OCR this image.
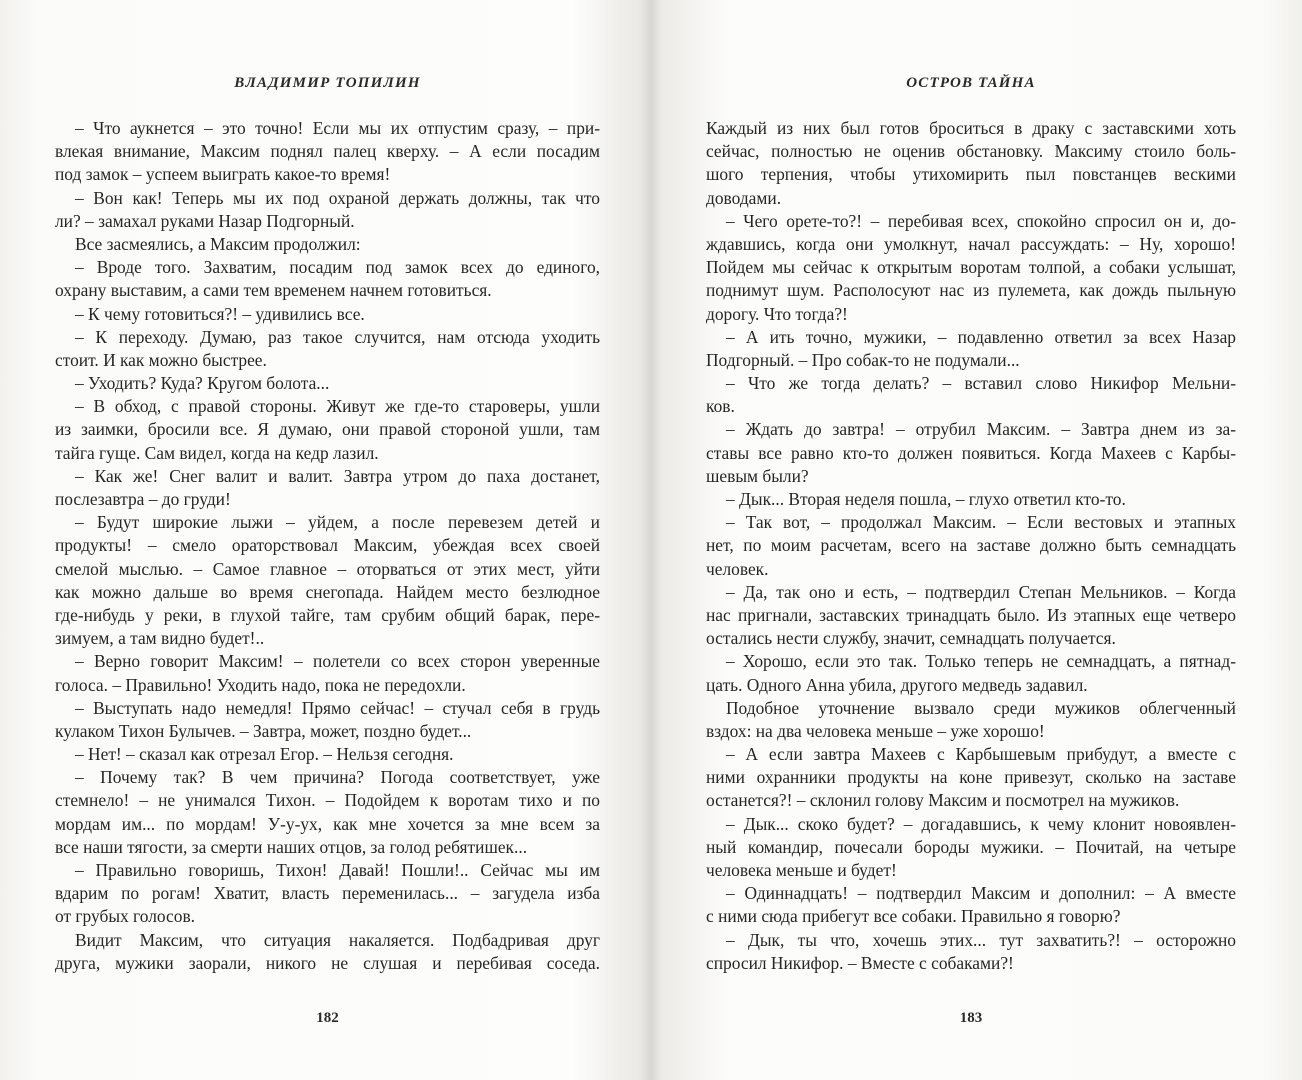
ВЛАДИМИР ТОПИЛИН
– Что аукнется – это точно! Если мы их отпустим сразу, – при-
влекая внимание, Максим поднял палец кверху. – А если посадим
под замок – успеем выиграть какое-то время!
– Вон как! Теперь мы их под охраной держать должны, так что
ли? – замахал руками Назар Подгорный.
Все засмеялись, а Максим продолжил:
– Вроде того. Захватим, посадим под замок всех до единого,
охрану выставим, а сами тем временем начнем готовиться.
– К чему готовиться?! – удивились все.
– К переходу. Думаю, раз такое случится, нам отсюда уходить
стоит. И как можно быстрее.
– Уходить? Куда? Кругом болота...
– В обход, с правой стороны. Живут же где-то староверы, ушли
из заимки, бросили все. Я думаю, они правой стороной ушли, там
тайга гуще. Сам видел, когда на кедр лазил.
– Как же! Снег валит и валит. Завтра утром до паха достанет,
послезавтра – до груди!
– Будут широкие лыжи – уйдем, а после перевезем детей и
продукты! – смело ораторствовал Максим, убеждая всех своей
смелой мыслью. – Самое главное – оторваться от этих мест, уйти
как можно дальше во время снегопада. Найдем место безлюдное
где-нибудь у реки, в глухой тайге, там срубим общий барак, пере-
зимуем, а там видно будет!..
– Верно говорит Максим! – полетели со всех сторон уверенные
голоса. – Правильно! Уходить надо, пока не передохли.
– Выступать надо немедля! Прямо сейчас! – стучал себя в грудь
кулаком Тихон Булычев. – Завтра, может, поздно будет...
– Нет! – сказал как отрезал Егор. – Нельзя сегодня.
– Почему так? В чем причина? Погода соответствует, уже
стемнело! – не унимался Тихон. – Подойдем к воротам тихо и по
мордам им... по мордам! У-у-ух, как мне хочется за мне всем за
все наши тягости, за смерти наших отцов, за голод ребятишек...
– Правильно говоришь, Тихон! Давай! Пошли!.. Сейчас мы им
вдарим по рогам! Хватит, власть переменилась... – загудела изба
от грубых голосов.
Видит Максим, что ситуация накаляется. Подбадривая друг
друга, мужики заорали, никого не слушая и перебивая соседа.
182
ОСТРОВ ТАЙНА
Каждый из них был готов броситься в драку с заставскими хоть
сейчас, полностью не оценив обстановку. Максиму стоило боль-
шого терпения, чтобы утихомирить пыл повстанцев вескими
доводами.
– Чего орете-то?! – перебивая всех, спокойно спросил он и, до-
ждавшись, когда они умолкнут, начал рассуждать: – Ну, хорошо!
Пойдем мы сейчас к открытым воротам толпой, а собаки услышат,
поднимут шум. Располосуют нас из пулемета, как дождь пыльную
дорогу. Что тогда?!
– А ить точно, мужики, – подавленно ответил за всех Назар
Подгорный. – Про собак-то не подумали...
– Что же тогда делать? – вставил слово Никифор Мельни-
ков.
– Ждать до завтра! – отрубил Максим. – Завтра днем из за-
ставы все равно кто-то должен появиться. Когда Махеев с Карбы-
шевым были?
– Дык... Вторая неделя пошла, – глухо ответил кто-то.
– Так вот, – продолжал Максим. – Если вестовых и этапных
нет, по моим расчетам, всего на заставе должно быть семнадцать
человек.
– Да, так оно и есть, – подтвердил Степан Мельников. – Когда
нас пригнали, заставских тринадцать было. Из этапных еще четверо
остались нести службу, значит, семнадцать получается.
– Хорошо, если это так. Только теперь не семнадцать, а пятнад-
цать. Одного Анна убила, другого медведь задавил.
Подобное уточнение вызвало среди мужиков облегченный
вздох: на два человека меньше – уже хорошо!
– А если завтра Махеев с Карбышевым прибудут, а вместе с
ними охранники продукты на коне привезут, сколько на заставе
останется?! – склонил голову Максим и посмотрел на мужиков.
– Дык... скоко будет? – догадавшись, к чему клонит новоявлен-
ный командир, почесали бороды мужики. – Почитай, на четыре
человека меньше и будет!
– Одиннадцать! – подтвердил Максим и дополнил: – А вместе
с ними сюда прибегут все собаки. Правильно я говорю?
– Дык, ты что, хочешь этих... тут захватить?! – осторожно
спросил Никифор. – Вместе с собаками?!
183
